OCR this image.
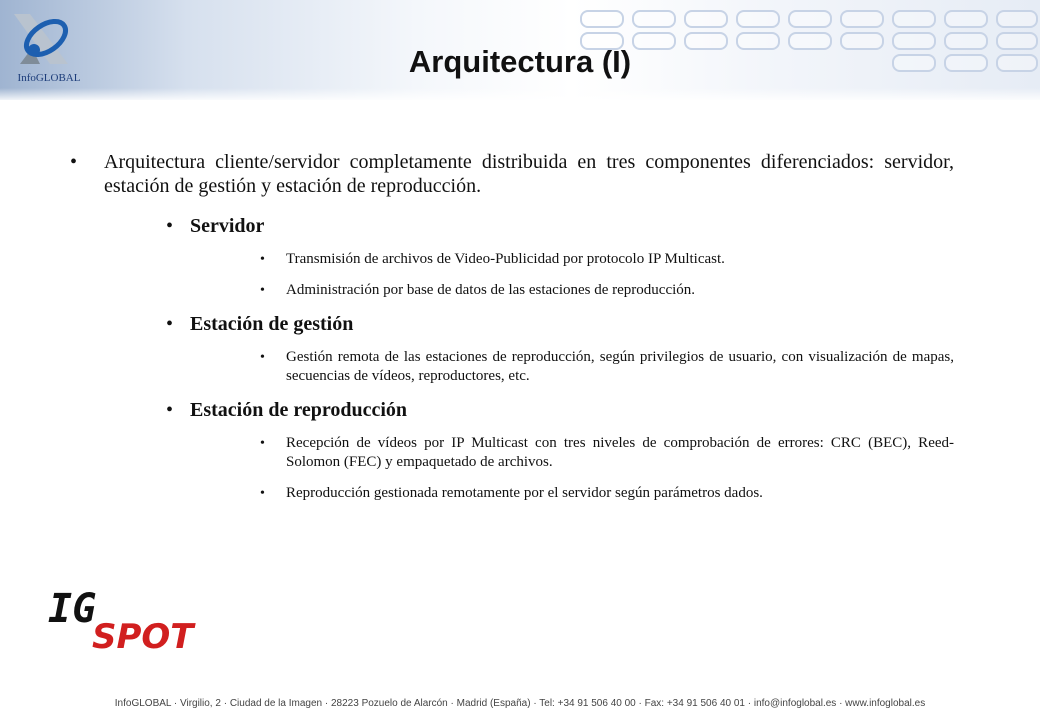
InfoGLOBAL	Arquitectura (I)
• Arquitectura cliente/servidor completamente distribuida en tres componentes diferenciados: servidor, estación de gestión y estación de reproducción.
• Servidor
• Transmisión de archivos de Video-Publicidad por protocolo IP Multicast.
• Administración por base de datos de las estaciones de reproducción.
• Estación de gestión
• Gestión remota de las estaciones de reproducción, según privilegios de usuario, con visualización de mapas, secuencias de vídeos, reproductores, etc.
• Estación de reproducción
• Recepción de vídeos por IP Multicast con tres niveles de comprobación de errores: CRC (BEC), Reed-Solomon (FEC) y empaquetado de archivos.
• Reproducción gestionada remotamente por el servidor según parámetros dados.
IG
SPOT
InfoGLOBAL · Virgilio, 2 · Ciudad de la Imagen · 28223 Pozuelo de Alarcón · Madrid (España) · Tel: +34 91 506 40 00 · Fax: +34 91 506 40 01 · info@infoglobal.es · www.infoglobal.es
